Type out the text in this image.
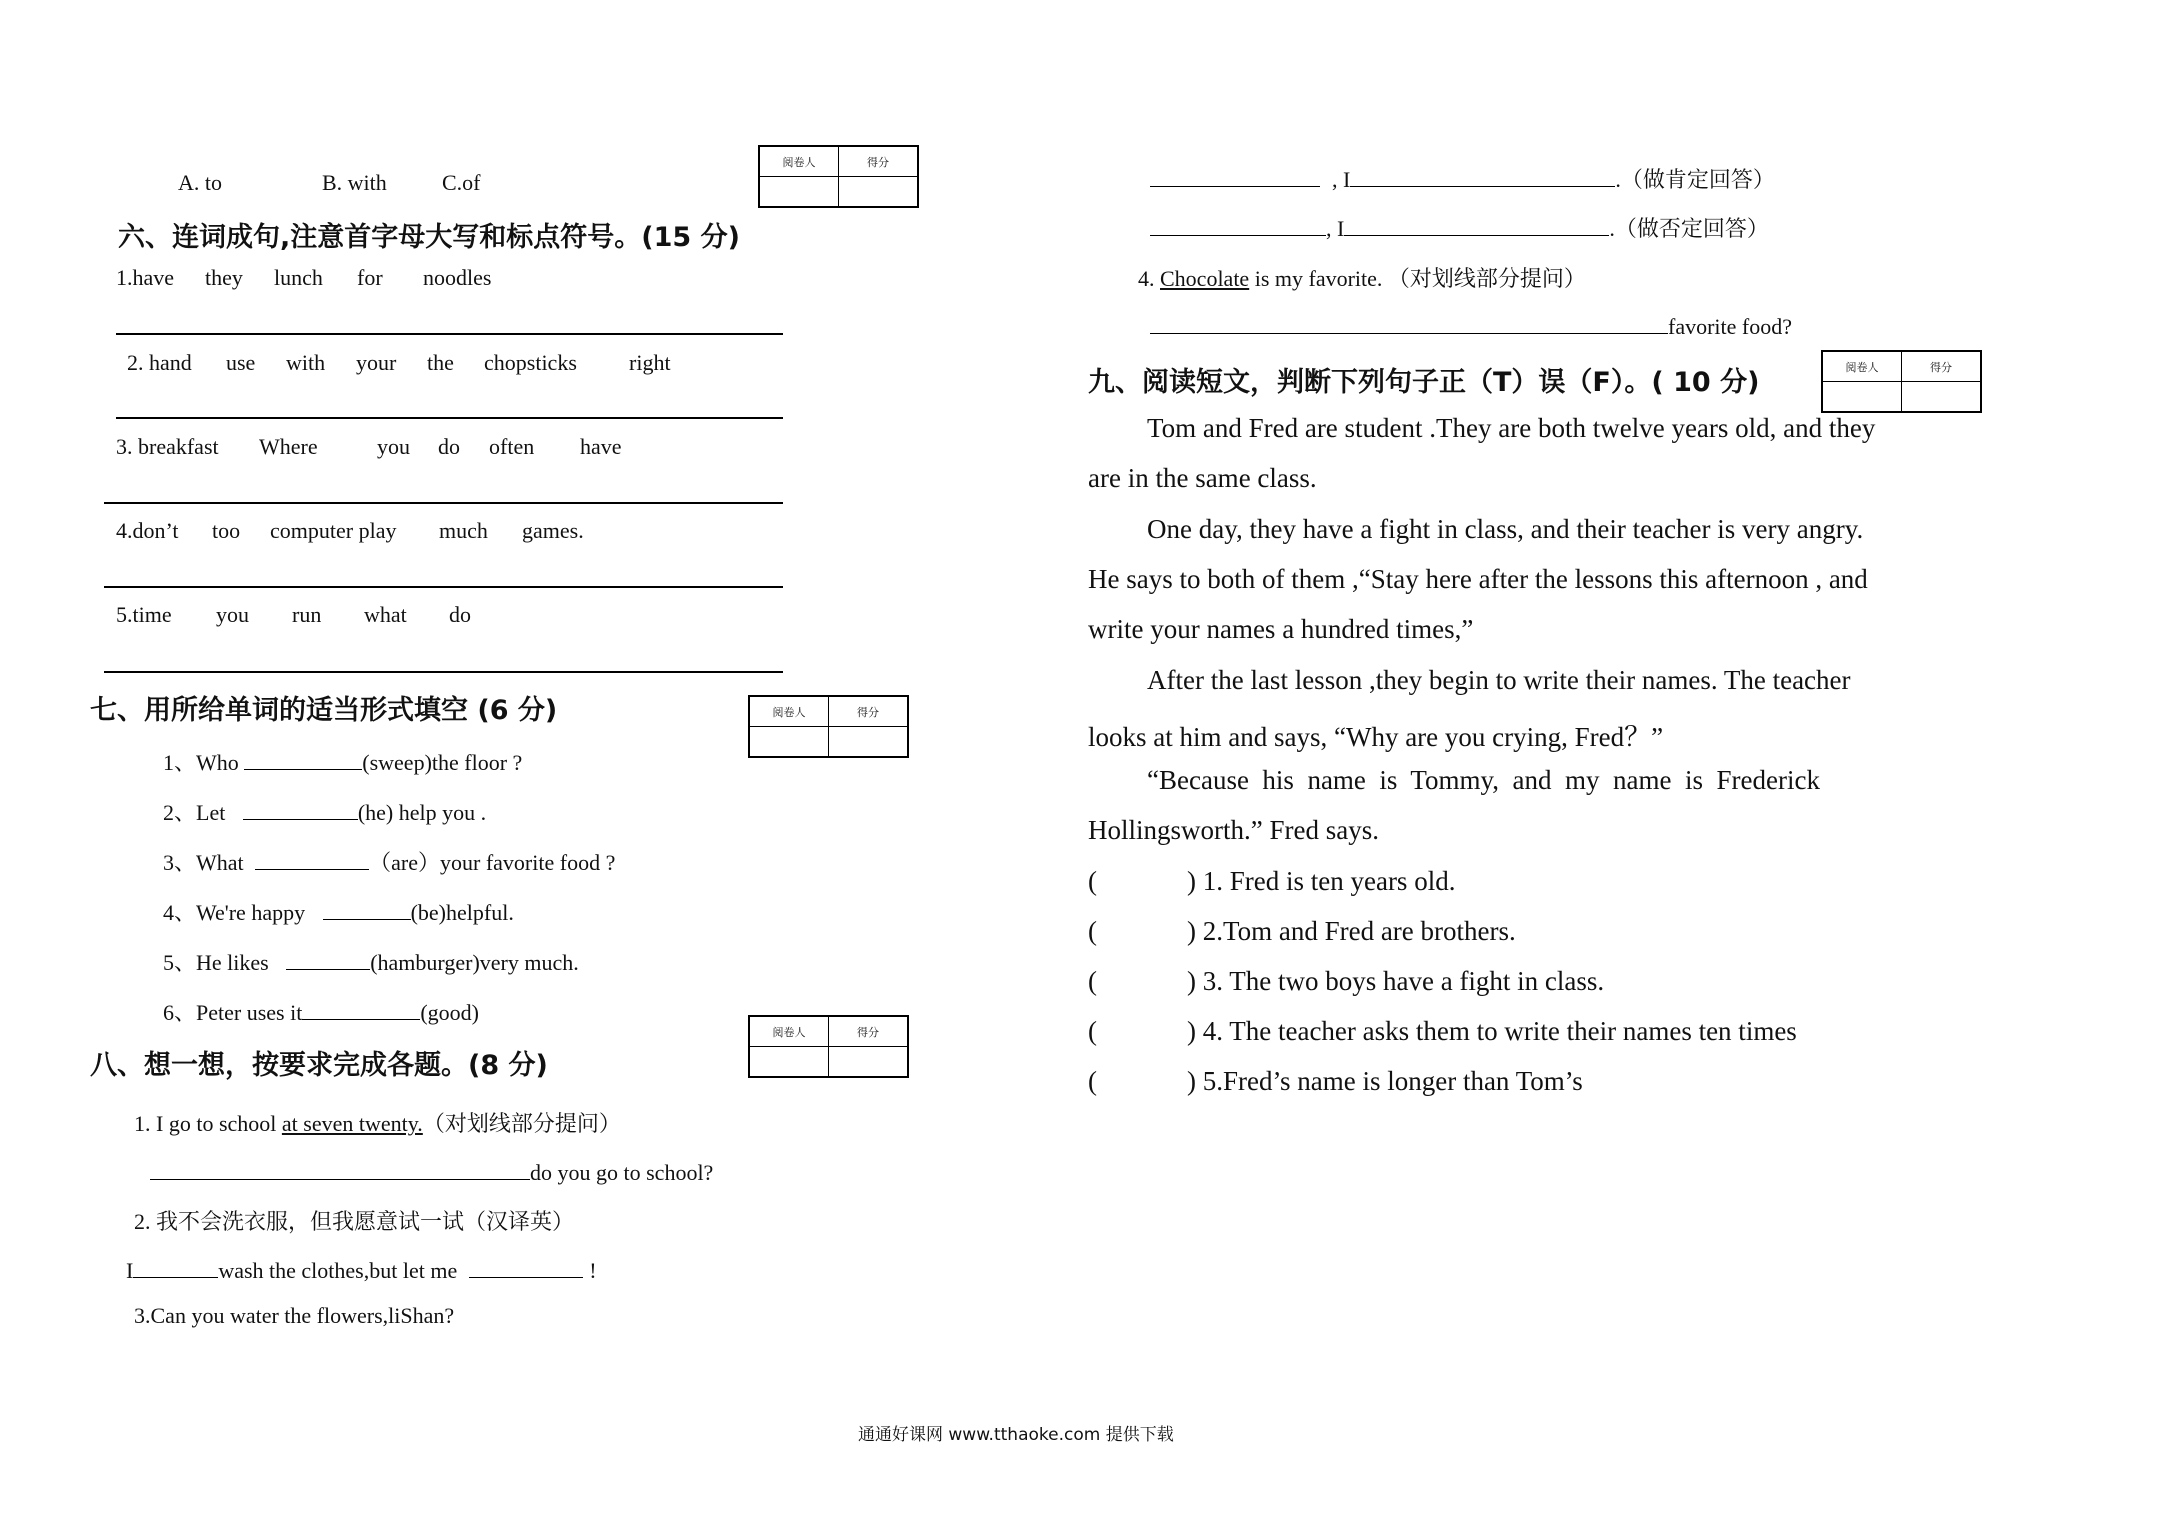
A. to	B. with	C.of
阅卷人	得分

六、连词成句,注意首字母大写和标点符号。(15 分)
1.have they lunch for noodles
2. hand use with your the chopsticks right
3. breakfast Where	you do often have
4.don’t too computer play much games.
5.time you run what do
七、用所给单词的适当形式填空 (6 分)	阅卷人	得分

1、Who	(sweep)the floor ?
2、Let	(he) help you .
3、What	（are）your favorite food ?
4、We're happy	(be)helpful.
5、He likes	(hamburger)very much.
6、Peter uses it	(good)
八、想一想，按要求完成各题。(8 分)
阅卷人	得分

1. I go to school at seven twenty.（对划线部分提问）
do you go to school?
2. 我不会洗衣服，但我愿意试一试（汉译英）
I	wash the clothes,but let me	!
3.Can you water the flowers,liShan?
, I	.（做肯定回答）
, I	.（做否定回答）
4. Chocolate is my favorite. （对划线部分提问）
favorite food?
九、阅读短文，判断下列句子正（T）误（F）。( 10 分)	阅卷人	得分

Tom and Fred are student .They are both twelve years old, and they
are in the same class.
One day, they have a fight in class, and their teacher is very angry.
He says to both of them ,“Stay here after the lessons this afternoon , and
write your names a hundred times,”
After the last lesson ,they begin to write their names. The teacher
looks at him and says, “Why are you crying, Fred？”
“Because  his  name  is  Tommy,  and  my  name  is  Frederick
Hollingsworth.” Fred says.
(	) 1. Fred is ten years old.
(	) 2.Tom and Fred are brothers.
(	) 3. The two boys have a fight in class.
(	) 4. The teacher asks them to write their names ten times
(	) 5.Fred’s name is longer than Tom’s
通通好课网 www.tthaoke.com 提供下载
